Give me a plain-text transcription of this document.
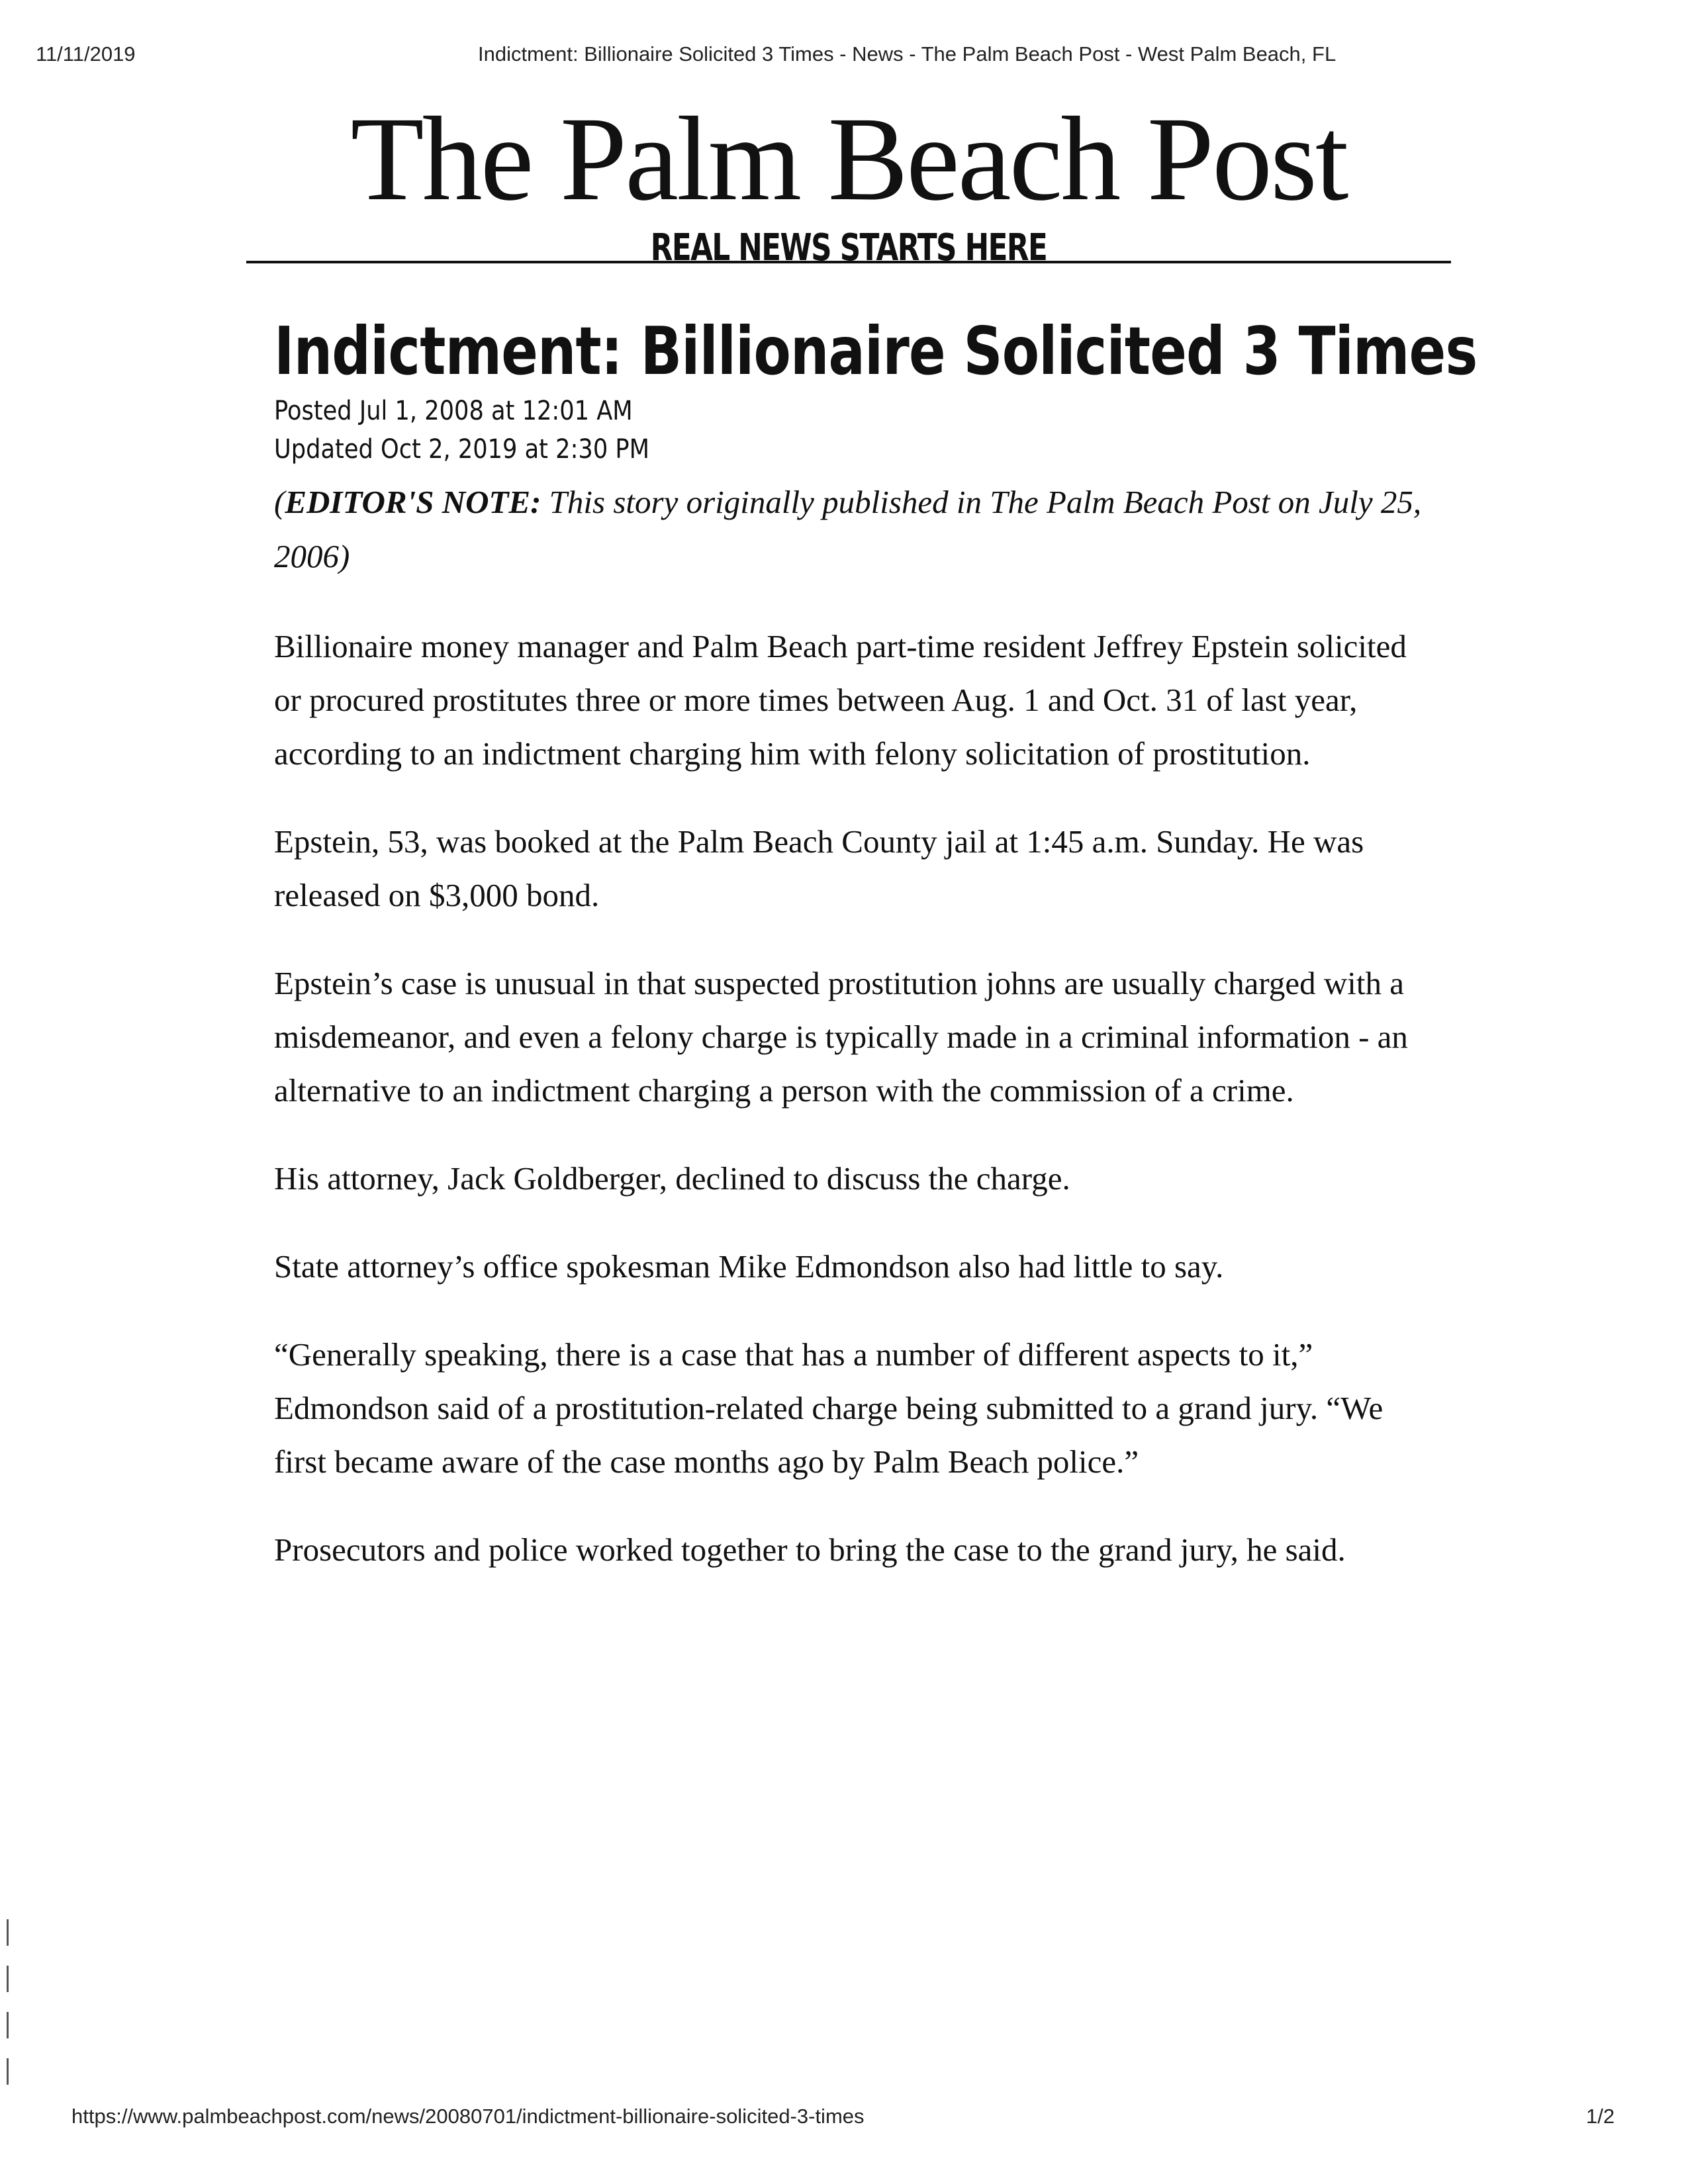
11/11/2019	Indictment: Billionaire Solicited 3 Times - News - The Palm Beach Post - West Palm Beach, FL
The Palm Beach Post
REAL NEWS STARTS HERE
Indictment: Billionaire Solicited 3 Times
Posted Jul 1, 2008 at 12:01 AM
Updated Oct 2, 2019 at 2:30 PM
(EDITOR'S NOTE: This story originally published in The Palm Beach Post on July 25, 2006)

Billionaire money manager and Palm Beach part-time resident Jeffrey Epstein solicited or procured prostitutes three or more times between Aug. 1 and Oct. 31 of last year, according to an indictment charging him with felony solicitation of prostitution.

Epstein, 53, was booked at the Palm Beach County jail at 1:45 a.m. Sunday. He was released on $3,000 bond.

Epstein’s case is unusual in that suspected prostitution johns are usually charged with a misdemeanor, and even a felony charge is typically made in a criminal information - an alternative to an indictment charging a person with the commission of a crime.

His attorney, Jack Goldberger, declined to discuss the charge.

State attorney’s office spokesman Mike Edmondson also had little to say.

“Generally speaking, there is a case that has a number of different aspects to it,” Edmondson said of a prostitution-related charge being submitted to a grand jury. “We first became aware of the case months ago by Palm Beach police.”

Prosecutors and police worked together to bring the case to the grand jury, he said.

https://www.palmbeachpost.com/news/20080701/indictment-billionaire-solicited-3-times	1/2
